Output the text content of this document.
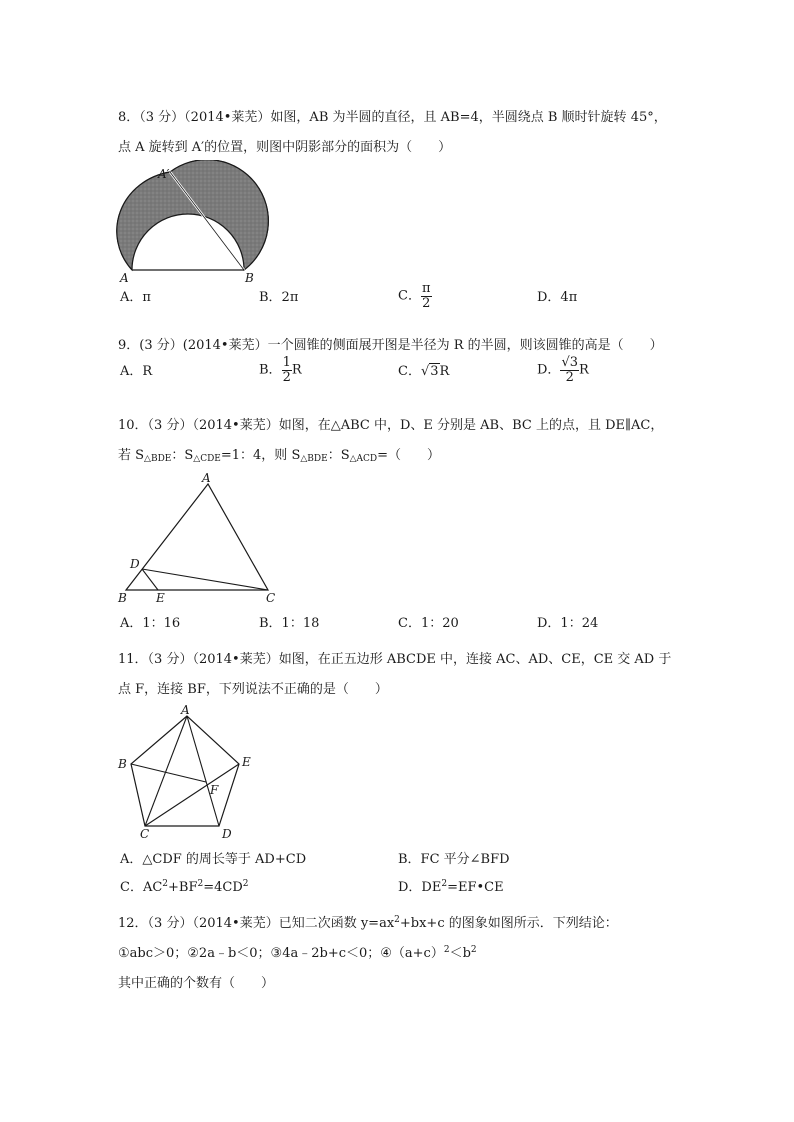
8．（3 分）（2014•莱芜）如图，AB 为半圆的直径，且 AB=4，半圆绕点 B 顺时针旋转 45°，
点 A 旋转到 A′的位置，则图中阴影部分的面积为（　　）
A′
A	B
A．π	B．2π	C． $\frac{\pi}{2}$	D．4π
9．(3 分）(2014•莱芜）一个圆锥的侧面展开图是半径为 R 的半圆，则该圆锥的高是（　　）
A．R	B． $\frac{1}{2}$ R	C．√3R	D． $\frac{√3}{2}$ R
10．（3 分）（2014•莱芜）如图，在△ABC 中，D、E 分别是 AB、BC 上的点，且 DE∥AC，
若 $S_{\triangle BDE}$：$S_{\triangle CDE}=1$：4，则 $S_{\triangle BDE}$：$S_{\triangle ACD}=$（　　）
A
B	C
D
E
A．1：16	B．1：18	C．1：20	D．1：24
11．（3 分）（2014•莱芜）如图，在正五边形 ABCDE 中，连接 AC、AD、CE，CE 交 AD 于
点 F，连接 BF，下列说法不正确的是（　　）
A
B
C	D
E
F
A．△CDF 的周长等于 AD+CD	B．FC 平分∠BFD
C．$AC^2+BF^2=4CD^2$	D．$DE^2=EF•CE$
12．（3 分）（2014•莱芜）已知二次函数 $y=ax^2+bx+c$ 的图象如图所示．下列结论：
①abc＞0；②2a﹣b＜0；③4a﹣2b+c＜0；$④(a+c)^2<b^2$
其中正确的个数有（　　）
